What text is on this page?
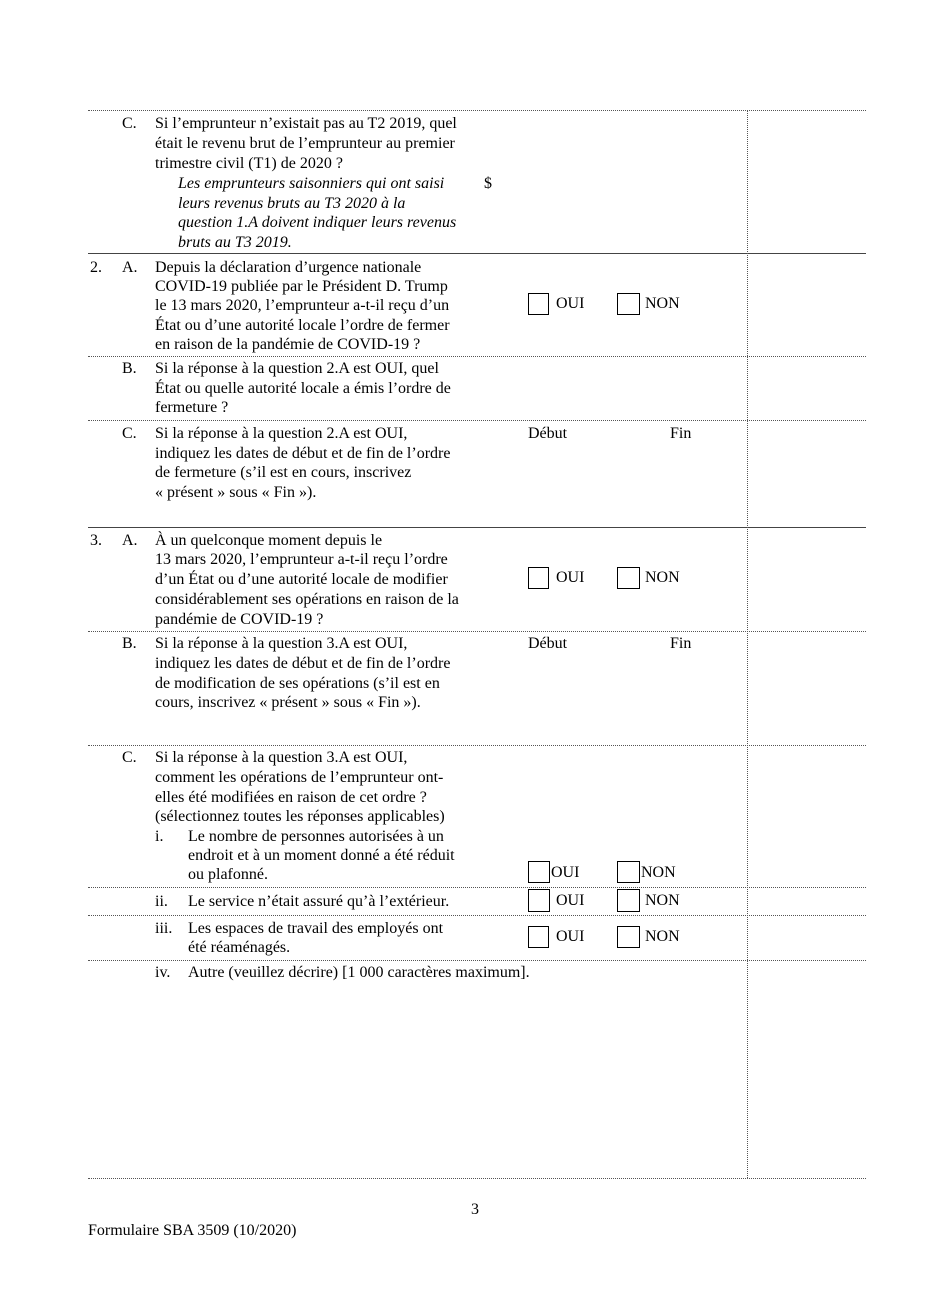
C. Si l’emprunteur n’existait pas au T2 2019, quel
était le revenu brut de l’emprunteur au premier
trimestre civil (T1) de 2020 ?
Les emprunteurs saisonniers qui ont saisi
leurs revenus bruts au T3 2020 à la
question 1.A doivent indiquer leurs revenus
bruts au T3 2019.
$
2. A. Depuis la déclaration d’urgence nationale
COVID-19 publiée par le Président D. Trump
le 13 mars 2020, l’emprunteur a-t-il reçu d’un
État ou d’une autorité locale l’ordre de fermer
en raison de la pandémie de COVID-19 ?
OUI	NON
B. Si la réponse à la question 2.A est OUI, quel
État ou quelle autorité locale a émis l’ordre de
fermeture ?
C. Si la réponse à la question 2.A est OUI,
indiquez les dates de début et de fin de l’ordre
de fermeture (s’il est en cours, inscrivez
« présent » sous « Fin »).
Début	Fin
3. A. À un quelconque moment depuis le
13 mars 2020, l’emprunteur a-t-il reçu l’ordre
d’un État ou d’une autorité locale de modifier
considérablement ses opérations en raison de la
pandémie de COVID-19 ?
OUI	NON
B. Si la réponse à la question 3.A est OUI,
indiquez les dates de début et de fin de l’ordre
de modification de ses opérations (s’il est en
cours, inscrivez « présent » sous « Fin »).
Début	Fin
C. Si la réponse à la question 3.A est OUI,
comment les opérations de l’emprunteur ont-
elles été modifiées en raison de cet ordre ?
(sélectionnez toutes les réponses applicables)
i. Le nombre de personnes autorisées à un
endroit et à un moment donné a été réduit
ou plafonné.	OUI	NON
ii. Le service n’était assuré qu’à l’extérieur.	OUI	NON
iii. Les espaces de travail des employés ont
été réaménagés.
OUI	NON
iv. Autre (veuillez décrire) [1 000 caractères maximum].
3
Formulaire SBA 3509 (10/2020)
